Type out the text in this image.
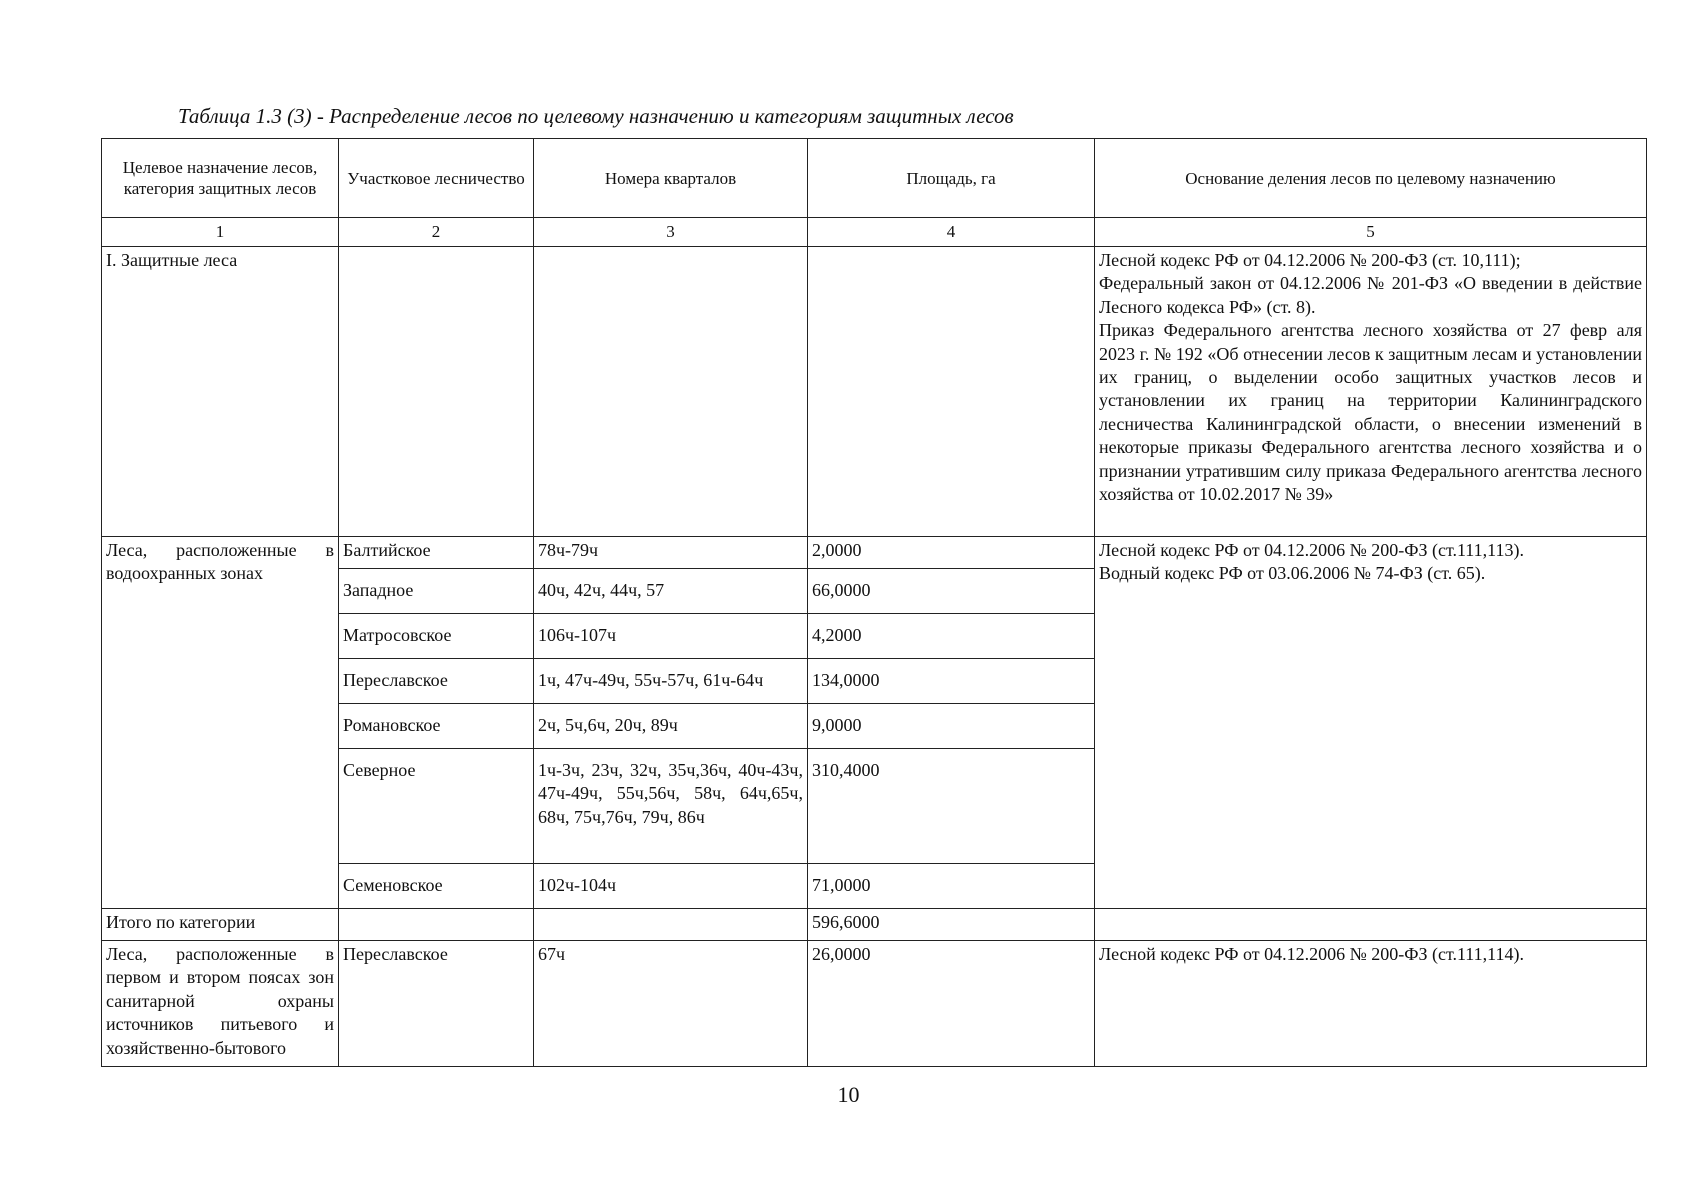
Таблица 1.3 (3) - Распределение лесов по целевому назначению и категориям защитных лесов
Целевое назначение лесов, категория защитных лесов	Участковое лесничество	Номера кварталов	Площадь, га	Основание деления лесов по целевому назначению
1	2	3	4	5
I. Защитные леса				Лесной кодекс РФ от 04.12.2006 № 200-ФЗ (ст. 10,111);
Федеральный закон от 04.12.2006 № 201-ФЗ «О введении в действие Лесного кодекса РФ» (ст. 8).
Приказ Федерального агентства лесного хозяйства от 27 февр аля 2023 г. № 192 «Об отнесении лесов к защитным лесам и установлении их границ, о выделении особо защитных участков лесов и установлении их границ на территории Калининградского лесничества Калининградской области, о внесении изменений в некоторые приказы Федерального агентства лесного хозяйства и о признании утратившим силу приказа Федерального агентства лесного хозяйства от 10.02.2017 № 39»

Леса, расположенные в водоохранных зонах	Балтийское	78ч-79ч	2,0000	Лесной кодекс РФ от 04.12.2006 № 200-ФЗ (ст.111,113).
Водный кодекс РФ от 03.06.2006 № 74-ФЗ (ст. 65).

	Западное	40ч, 42ч, 44ч, 57	66,0000	
	Матросовское	106ч-107ч	4,2000	
	Переславское	1ч, 47ч-49ч, 55ч-57ч, 61ч-64ч	134,0000	
	Романовское	2ч, 5ч,6ч, 20ч, 89ч	9,0000	
	Северное	1ч-3ч, 23ч, 32ч, 35ч,36ч, 40ч-43ч, 47ч-49ч, 55ч,56ч, 58ч, 64ч,65ч, 68ч, 75ч,76ч, 79ч, 86ч	310,4000	
	Семеновское	102ч-104ч	71,0000	
Итого по категории			596,6000	
Леса, расположенные в первом и втором поясах зон санитарной охраны источников питьевого и хозяйственно-бытового	Переславское	67ч	26,0000	Лесной кодекс РФ от 04.12.2006 № 200-ФЗ (ст.111,114).
10
